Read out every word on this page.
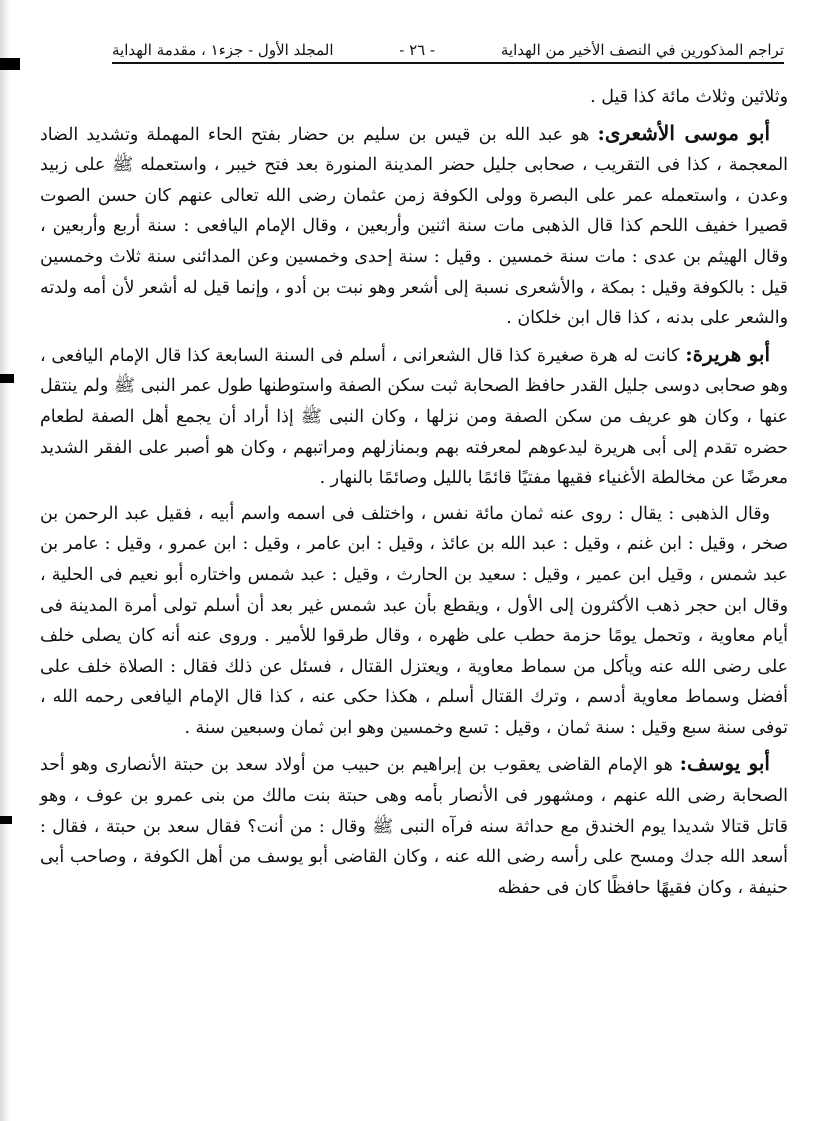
المجلد الأول - جزء١ ، مقدمة الهداية	- ٢٦ -	تراجم المذكورين في النصف الأخير من الهداية

وثلاثين وثلاث مائة كذا قيل .

أبو موسى الأشعرى: هو عبد الله بن قيس بن سليم بن حضار بفتح الحاء المهملة وتشديد الضاد المعجمة ، كذا فى التقريب ، صحابى جليل حضر المدينة المنورة بعد فتح خيبر ، واستعمله ﷺ على زبيد وعدن ، واستعمله عمر على البصرة وولى الكوفة زمن عثمان رضى الله تعالى عنهم كان حسن الصوت قصيرا خفيف اللحم كذا قال الذهبى مات سنة اثنين وأربعين ، وقال الإمام اليافعى : سنة أربع وأربعين ، وقال الهيثم بن عدى : مات سنة خمسين . وقيل : سنة إحدى وخمسين وعن المدائنى سنة ثلاث وخمسين قيل : بالكوفة وقيل : بمكة ، والأشعرى نسبة إلى أشعر وهو نبت بن أدو ، وإنما قيل له أشعر لأن أمه ولدته والشعر على بدنه ، كذا قال ابن خلكان .

أبو هريرة: كانت له هرة صغيرة كذا قال الشعرانى ، أسلم فى السنة السابعة كذا قال الإمام اليافعى ، وهو صحابى دوسى جليل القدر حافظ الصحابة ثبت سكن الصفة واستوطنها طول عمر النبى ﷺ ولم ينتقل عنها ، وكان هو عريف من سكن الصفة ومن نزلها ، وكان النبى ﷺ إذا أراد أن يجمع أهل الصفة لطعام حضره تقدم إلى أبى هريرة ليدعوهم لمعرفته بهم وبمنازلهم ومراتبهم ، وكان هو أصبر على الفقر الشديد معرضًا عن مخالطة الأغنياء فقيها مفتيًا قائمًا بالليل وصائمًا بالنهار .

وقال الذهبى : يقال : روى عنه ثمان مائة نفس ، واختلف فى اسمه واسم أبيه ، فقيل عبد الرحمن بن صخر ، وقيل : ابن غنم ، وقيل : عبد الله بن عائذ ، وقيل : ابن عامر ، وقيل : ابن عمرو ، وقيل : عامر بن عبد شمس ، وقيل ابن عمير ، وقيل : سعيد بن الحارث ، وقيل : عبد شمس واختاره أبو نعيم فى الحلية ، وقال ابن حجر ذهب الأكثرون إلى الأول ، ويقطع بأن عبد شمس غير بعد أن أسلم تولى أمرة المدينة فى أيام معاوية ، وتحمل يومًا حزمة حطب على ظهره ، وقال طرقوا للأمير . وروى عنه أنه كان يصلى خلف على رضى الله عنه ويأكل من سماط معاوية ، ويعتزل القتال ، فسئل عن ذلك فقال : الصلاة خلف على أفضل وسماط معاوية أدسم ، وترك القتال أسلم ، هكذا حكى عنه ، كذا قال الإمام اليافعى رحمه الله ، توفى سنة سبع وقيل : سنة ثمان ، وقيل : تسع وخمسين وهو ابن ثمان وسبعين سنة .

أبو يوسف: هو الإمام القاضى يعقوب بن إبراهيم بن حبيب من أولاد سعد بن حبتة الأنصارى وهو أحد الصحابة رضى الله عنهم ، ومشهور فى الأنصار بأمه وهى حبتة بنت مالك من بنى عمرو بن عوف ، وهو قاتل قتالا شديدا يوم الخندق مع حداثة سنه فرآه النبى ﷺ وقال : من أنت؟ فقال سعد بن حبتة ، فقال : أسعد الله جدك ومسح على رأسه رضى الله عنه ، وكان القاضى أبو يوسف من أهل الكوفة ، وصاحب أبى حنيفة ، وكان فقيهًا حافظًا كان فى حفظه
